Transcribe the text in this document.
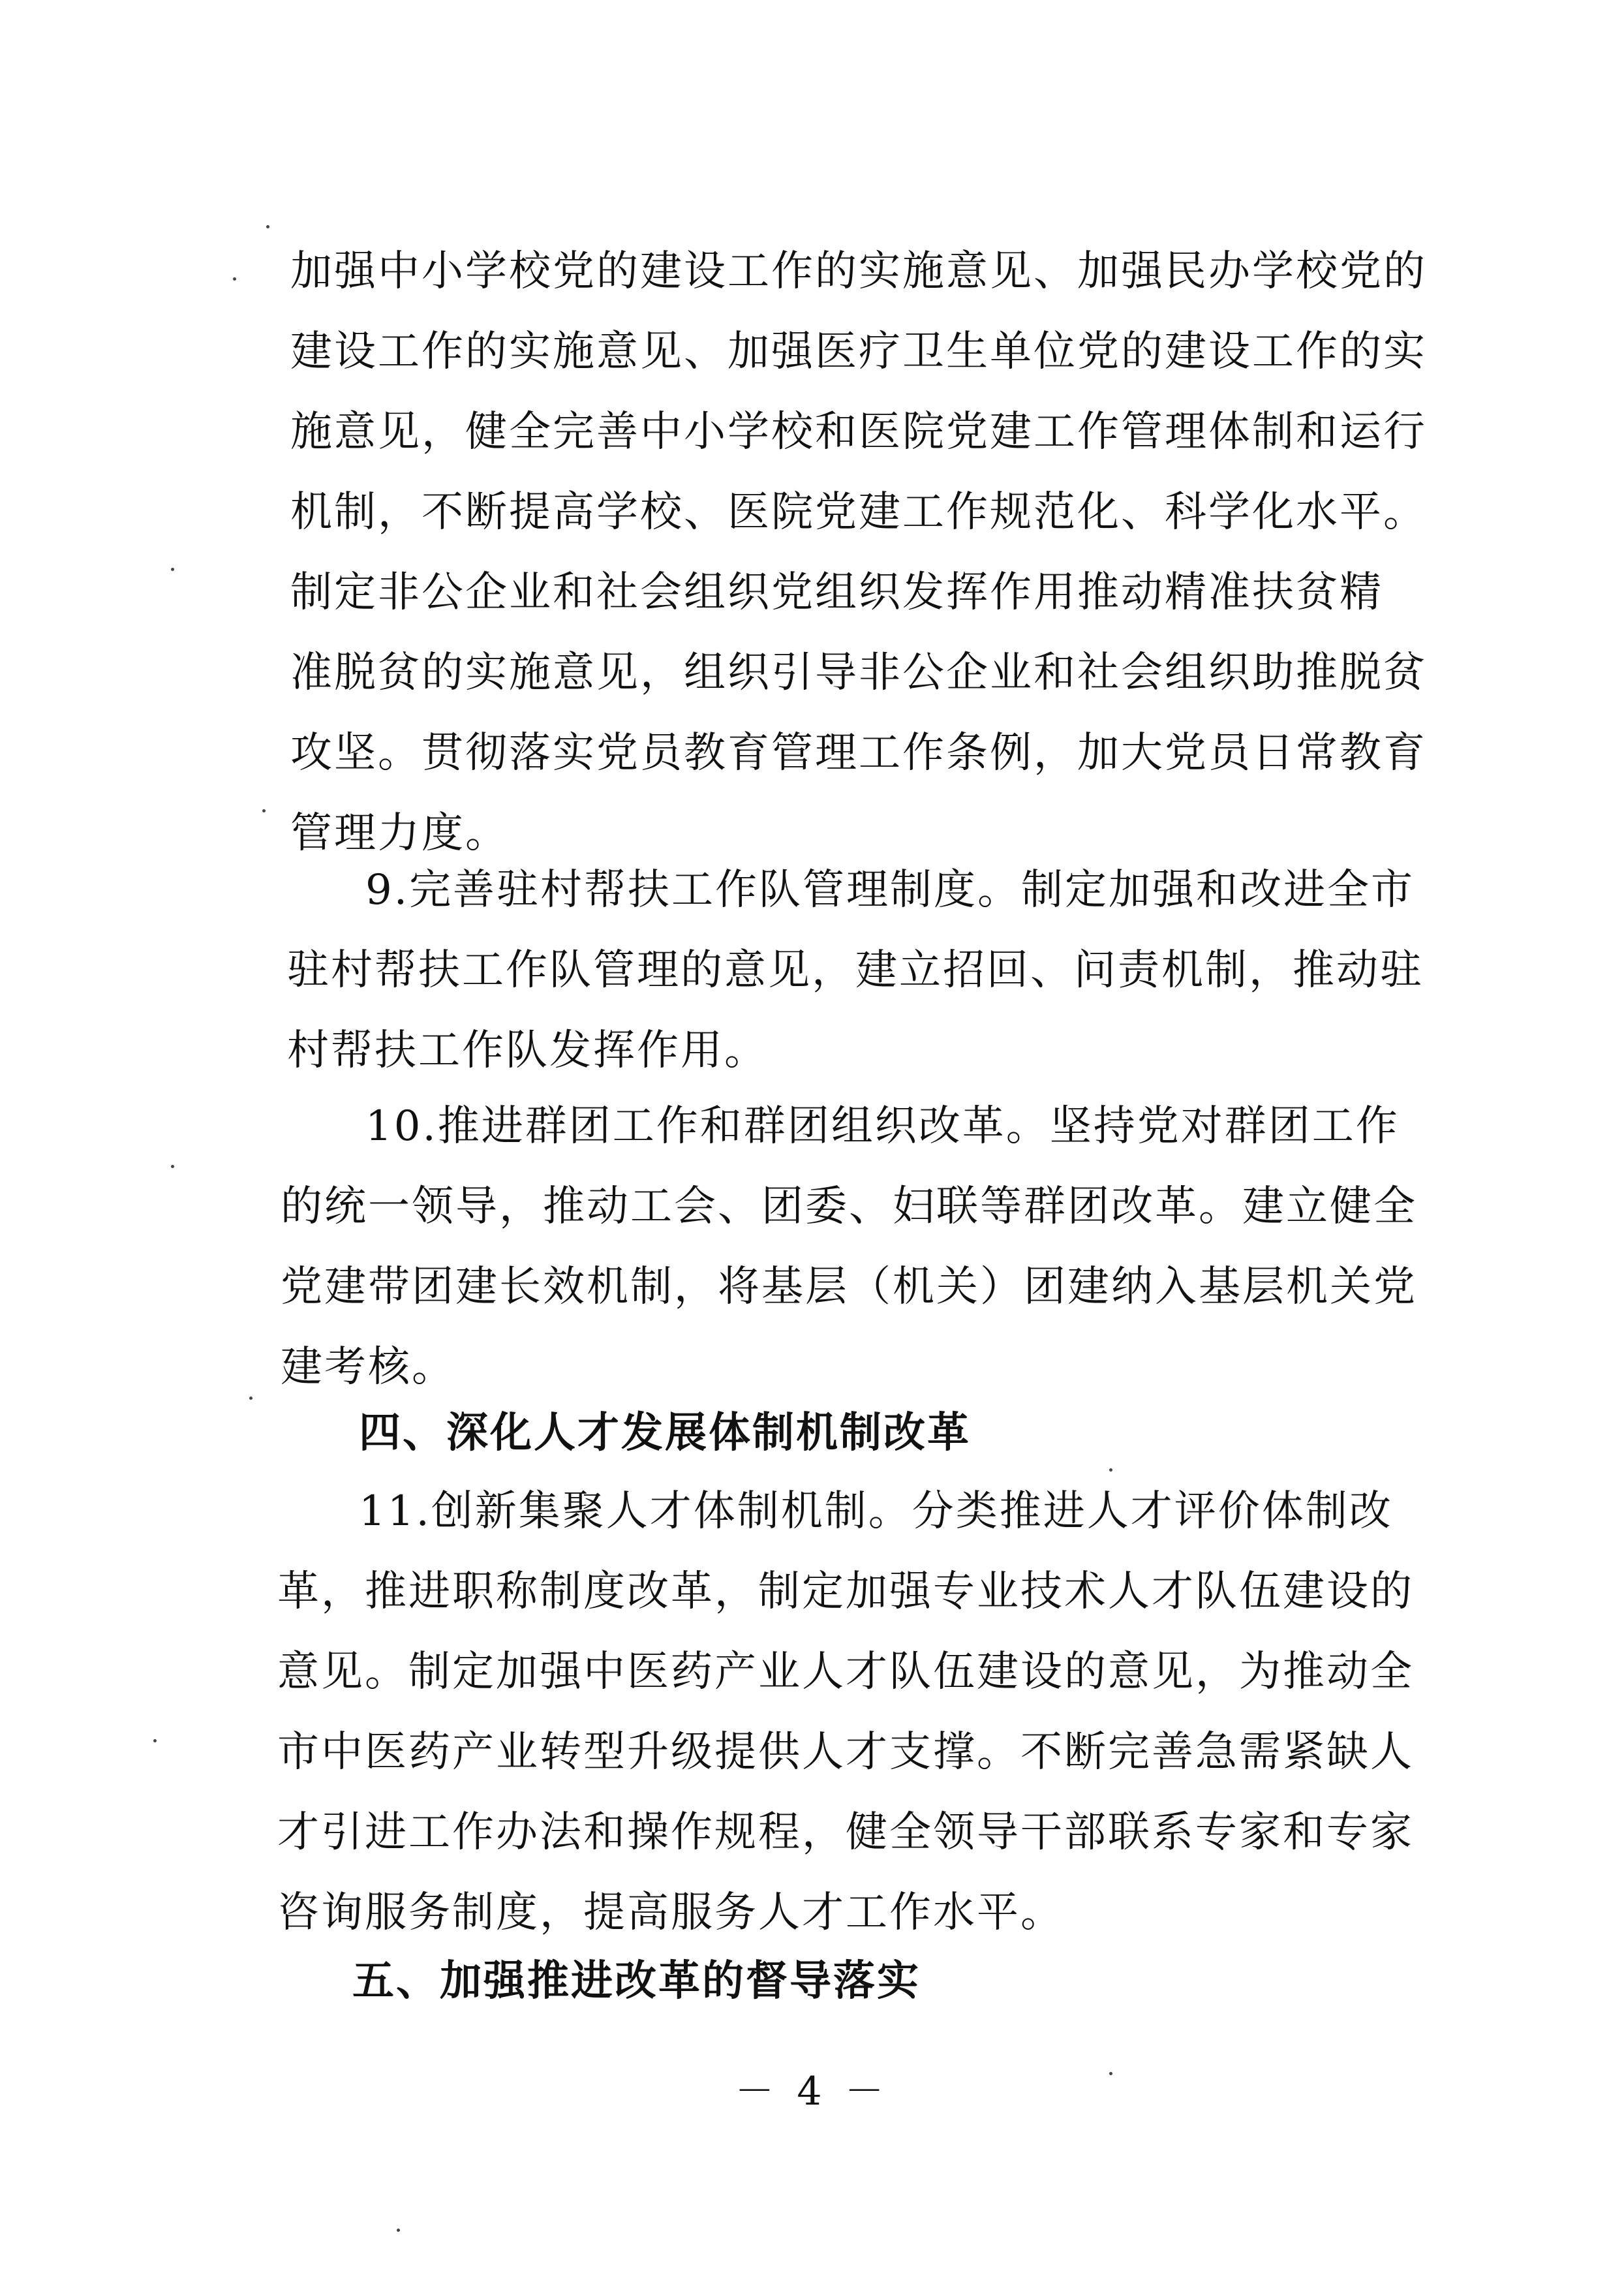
加强中小学校党的建设工作的实施意见、加强民办学校党的
建设工作的实施意见、加强医疗卫生单位党的建设工作的实
施意见，健全完善中小学校和医院党建工作管理体制和运行
机制，不断提高学校、医院党建工作规范化、科学化水平。
制定非公企业和社会组织党组织发挥作用推动精准扶贫精
准脱贫的实施意见，组织引导非公企业和社会组织助推脱贫
攻坚。贯彻落实党员教育管理工作条例，加大党员日常教育
管理力度。
9.完善驻村帮扶工作队管理制度。制定加强和改进全市
驻村帮扶工作队管理的意见，建立招回、问责机制，推动驻
村帮扶工作队发挥作用。
10.推进群团工作和群团组织改革。坚持党对群团工作
的统一领导，推动工会、团委、妇联等群团改革。建立健全
党建带团建长效机制，将基层（机关）团建纳入基层机关党
建考核。
四、深化人才发展体制机制改革
11.创新集聚人才体制机制。分类推进人才评价体制改
革，推进职称制度改革，制定加强专业技术人才队伍建设的
意见。制定加强中医药产业人才队伍建设的意见，为推动全
市中医药产业转型升级提供人才支撑。不断完善急需紧缺人
才引进工作办法和操作规程，健全领导干部联系专家和专家
咨询服务制度，提高服务人才工作水平。
五、加强推进改革的督导落实
－ 4 －
